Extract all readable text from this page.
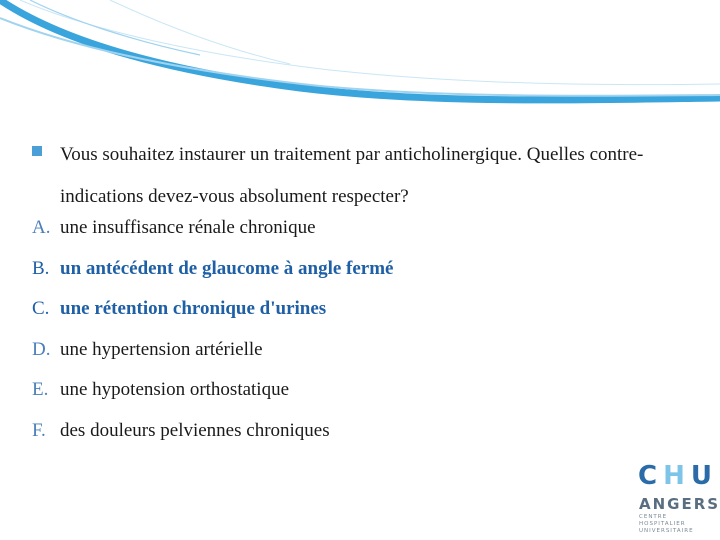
Vous souhaitez instaurer un traitement par anticholinergique. Quelles contre-indications devez-vous absolument respecter?
A. une insuffisance rénale chronique
B. un antécédent de glaucome à angle fermé
C. une rétention chronique d'urines
D. une hypertension artérielle
E. une hypotension orthostatique
F. des douleurs pelviennes chroniques
CHU
ANGERS
CENTRE HOSPITALIER
UNIVERSITAIRE
